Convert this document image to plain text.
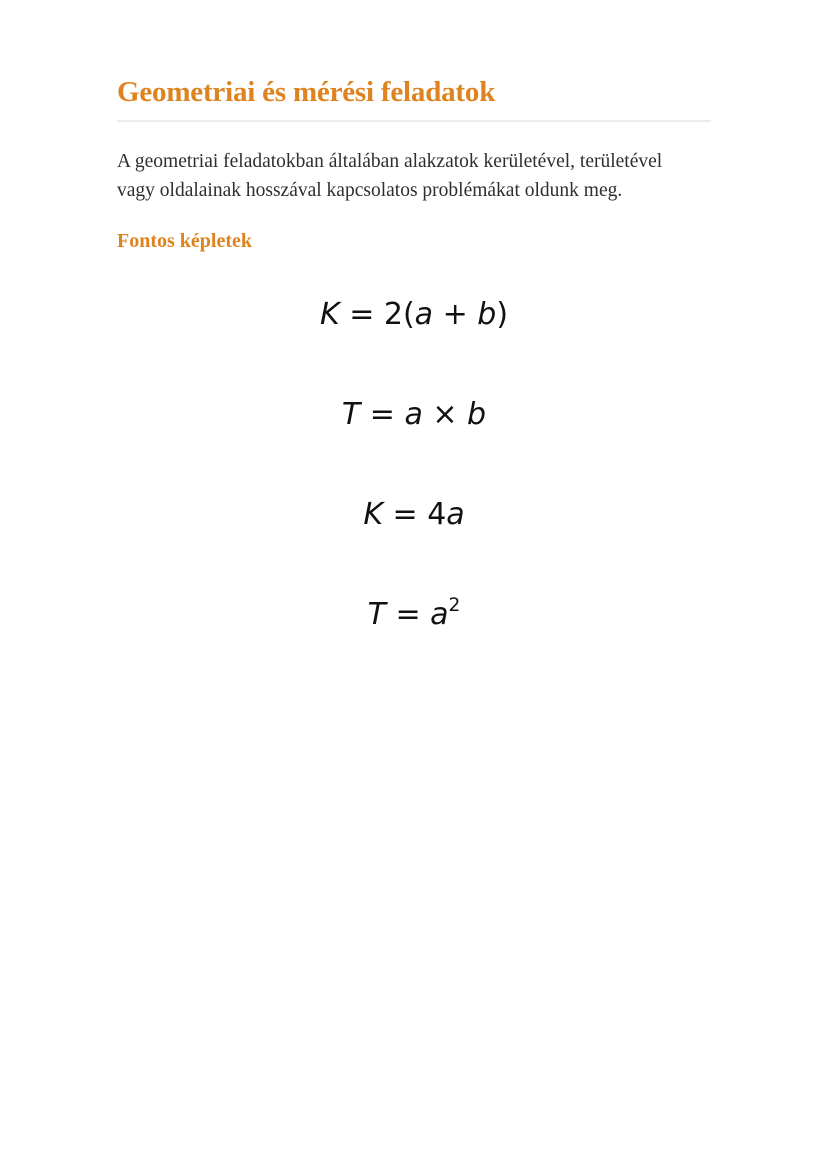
Geometriai és mérési feladatok

A geometriai feladatokban általában alakzatok kerületével, területével
vagy oldalainak hosszával kapcsolatos problémákat oldunk meg.

Fontos képletek
K = 2(a + b)
T = a × b
K = 4a
$T = a^2$
